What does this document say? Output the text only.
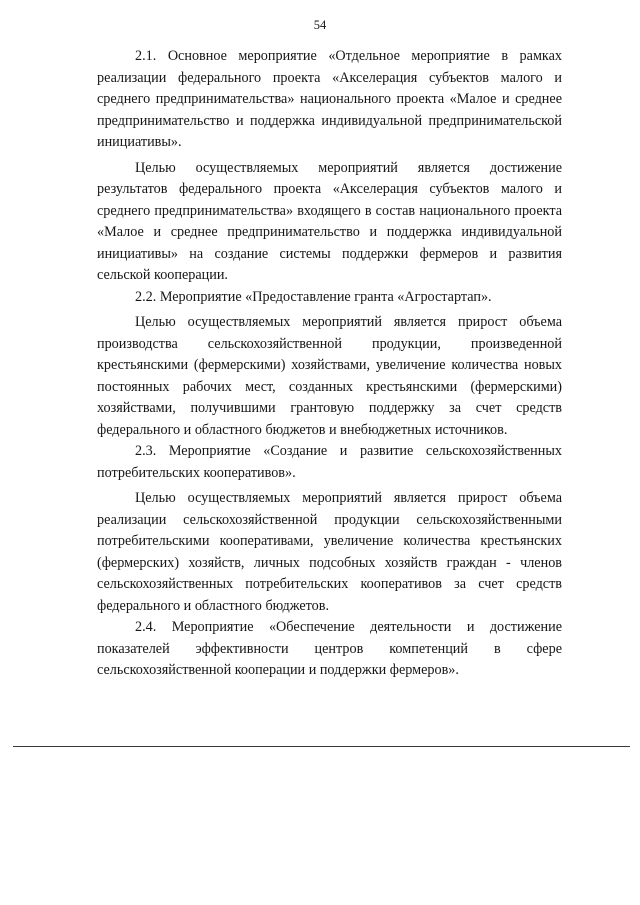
54

2.1. Основное мероприятие «Отдельное мероприятие в рамках реализации федерального проекта «Акселерация субъектов малого и среднего предпринимательства» национального проекта «Малое и среднее предпринимательство и поддержка индивидуальной предпринимательской инициативы».

Целью осуществляемых мероприятий является достижение результатов федерального проекта «Акселерация субъектов малого и среднего предпринимательства» входящего в состав национального проекта «Малое и среднее предпринимательство и поддержка индивидуальной инициативы» на создание системы поддержки фермеров и развития сельской кооперации.

2.2. Мероприятие «Предоставление гранта «Агростартап».

Целью осуществляемых мероприятий является прирост объема производства сельскохозяйственной продукции, произведенной крестьянскими (фермерскими) хозяйствами, увеличение количества новых постоянных рабочих мест, созданных крестьянскими (фермерскими) хозяйствами, получившими грантовую поддержку за счет средств федерального и областного бюджетов и внебюджетных источников.

2.3. Мероприятие «Создание и развитие сельскохозяйственных потребительских кооперативов».

Целью осуществляемых мероприятий является прирост объема реализации сельскохозяйственной продукции сельскохозяйственными потребительскими кооперативами, увеличение количества крестьянских (фермерских) хозяйств, личных подсобных хозяйств граждан - членов сельскохозяйственных потребительских кооперативов за счет средств федерального и областного бюджетов.

2.4. Мероприятие «Обеспечение деятельности и достижение показателей эффективности центров компетенций в сфере сельскохозяйственной кооперации и поддержки фермеров».
